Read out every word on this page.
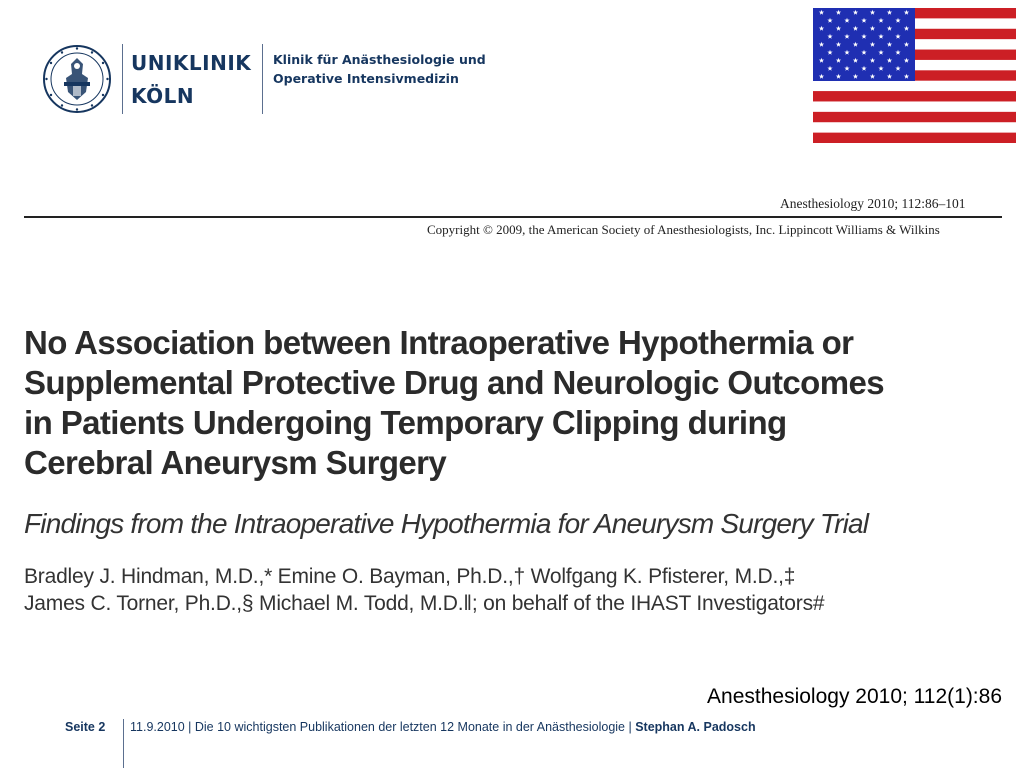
UNIKLINIK
KÖLN
Klinik für Anästhesiologie und
Operative Intensivmedizin
Anesthesiology 2010; 112:86–101
Copyright © 2009, the American Society of Anesthesiologists, Inc. Lippincott Williams & Wilkins
No Association between Intraoperative Hypothermia or
Supplemental Protective Drug and Neurologic Outcomes
in Patients Undergoing Temporary Clipping during
Cerebral Aneurysm Surgery
Findings from the Intraoperative Hypothermia for Aneurysm Surgery Trial
Bradley J. Hindman, M.D.,* Emine O. Bayman, Ph.D.,† Wolfgang K. Pfisterer, M.D.,‡
James C. Torner, Ph.D.,§ Michael M. Todd, M.D.‖; on behalf of the IHAST Investigators#
Anesthesiology 2010; 112(1):86
Seite 2 11.9.2010 | Die 10 wichtigsten Publikationen der letzten 12 Monate in der Anästhesiologie | Stephan A. Padosch
